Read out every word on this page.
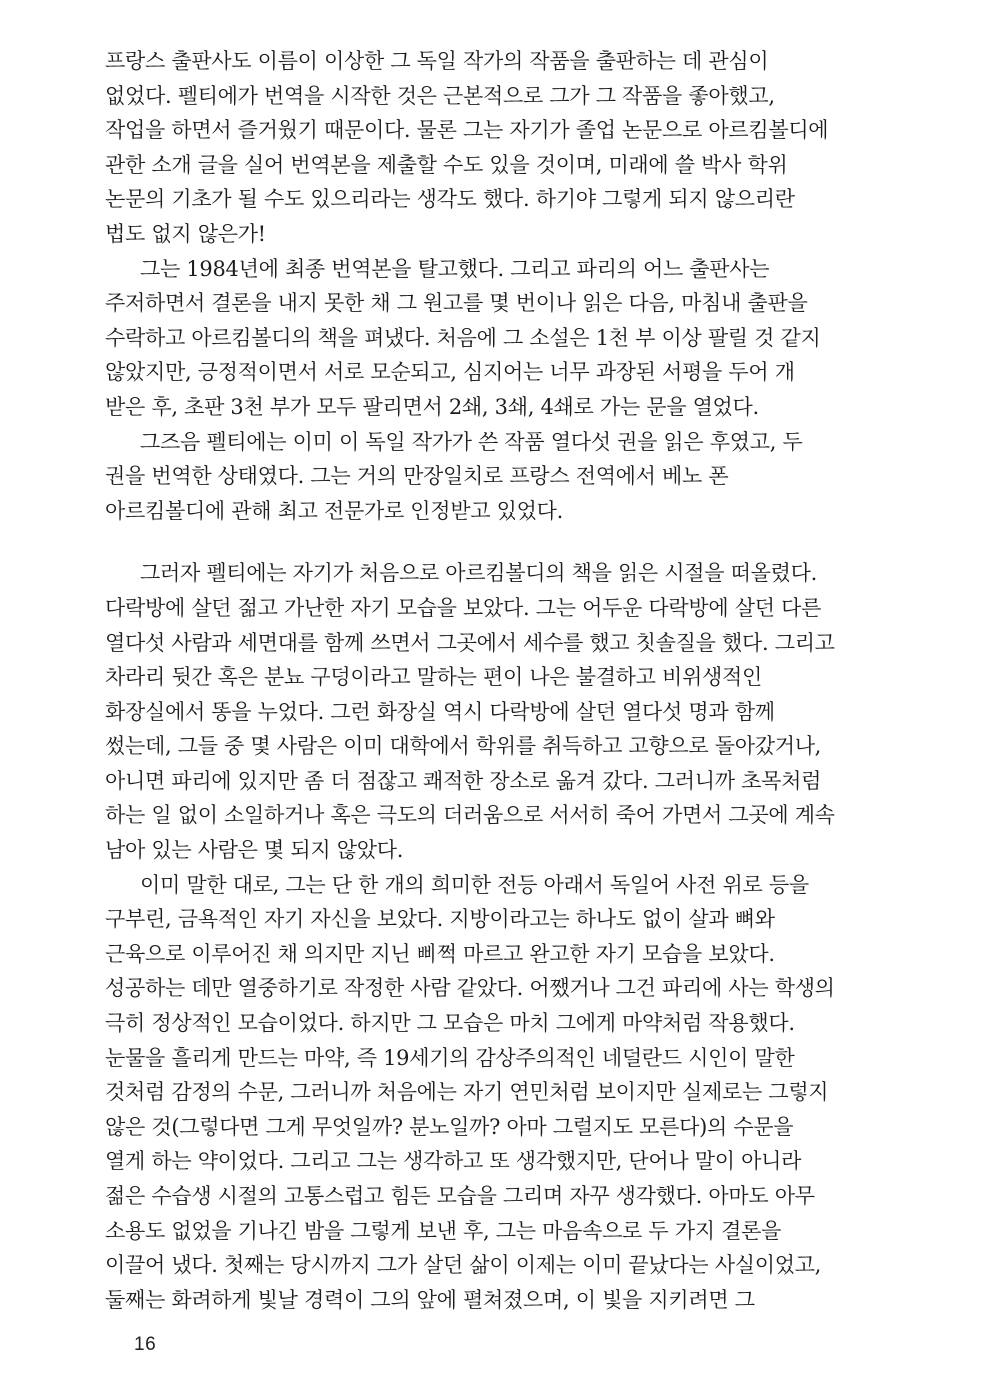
프랑스 출판사도 이름이 이상한 그 독일 작가의 작품을 출판하는 데 관심이
없었다. 펠티에가 번역을 시작한 것은 근본적으로 그가 그 작품을 좋아했고,
작업을 하면서 즐거웠기 때문이다. 물론 그는 자기가 졸업 논문으로 아르킴볼디에
관한 소개 글을 실어 번역본을 제출할 수도 있을 것이며, 미래에 쓸 박사 학위
논문의 기초가 될 수도 있으리라는 생각도 했다. 하기야 그렇게 되지 않으리란
법도 없지 않은가!
그는 1984년에 최종 번역본을 탈고했다. 그리고 파리의 어느 출판사는
주저하면서 결론을 내지 못한 채 그 원고를 몇 번이나 읽은 다음, 마침내 출판을
수락하고 아르킴볼디의 책을 펴냈다. 처음에 그 소설은 1천 부 이상 팔릴 것 같지
않았지만, 긍정적이면서 서로 모순되고, 심지어는 너무 과장된 서평을 두어 개
받은 후, 초판 3천 부가 모두 팔리면서 2쇄, 3쇄, 4쇄로 가는 문을 열었다.
그즈음 펠티에는 이미 이 독일 작가가 쓴 작품 열다섯 권을 읽은 후였고, 두
권을 번역한 상태였다. 그는 거의 만장일치로 프랑스 전역에서 베노 폰
아르킴볼디에 관해 최고 전문가로 인정받고 있었다.
그러자 펠티에는 자기가 처음으로 아르킴볼디의 책을 읽은 시절을 떠올렸다.
다락방에 살던 젊고 가난한 자기 모습을 보았다. 그는 어두운 다락방에 살던 다른
열다섯 사람과 세면대를 함께 쓰면서 그곳에서 세수를 했고 칫솔질을 했다. 그리고
차라리 뒷간 혹은 분뇨 구덩이라고 말하는 편이 나은 불결하고 비위생적인
화장실에서 똥을 누었다. 그런 화장실 역시 다락방에 살던 열다섯 명과 함께
썼는데, 그들 중 몇 사람은 이미 대학에서 학위를 취득하고 고향으로 돌아갔거나,
아니면 파리에 있지만 좀 더 점잖고 쾌적한 장소로 옮겨 갔다. 그러니까 초목처럼
하는 일 없이 소일하거나 혹은 극도의 더러움으로 서서히 죽어 가면서 그곳에 계속
남아 있는 사람은 몇 되지 않았다.
이미 말한 대로, 그는 단 한 개의 희미한 전등 아래서 독일어 사전 위로 등을
구부린, 금욕적인 자기 자신을 보았다. 지방이라고는 하나도 없이 살과 뼈와
근육으로 이루어진 채 의지만 지닌 삐쩍 마르고 완고한 자기 모습을 보았다.
성공하는 데만 열중하기로 작정한 사람 같았다. 어쨌거나 그건 파리에 사는 학생의
극히 정상적인 모습이었다. 하지만 그 모습은 마치 그에게 마약처럼 작용했다.
눈물을 흘리게 만드는 마약, 즉 19세기의 감상주의적인 네덜란드 시인이 말한
것처럼 감정의 수문, 그러니까 처음에는 자기 연민처럼 보이지만 실제로는 그렇지
않은 것(그렇다면 그게 무엇일까? 분노일까? 아마 그럴지도 모른다)의 수문을
열게 하는 약이었다. 그리고 그는 생각하고 또 생각했지만, 단어나 말이 아니라
젊은 수습생 시절의 고통스럽고 힘든 모습을 그리며 자꾸 생각했다. 아마도 아무
소용도 없었을 기나긴 밤을 그렇게 보낸 후, 그는 마음속으로 두 가지 결론을
이끌어 냈다. 첫째는 당시까지 그가 살던 삶이 이제는 이미 끝났다는 사실이었고,
둘째는 화려하게 빛날 경력이 그의 앞에 펼쳐졌으며, 이 빛을 지키려면 그
16
